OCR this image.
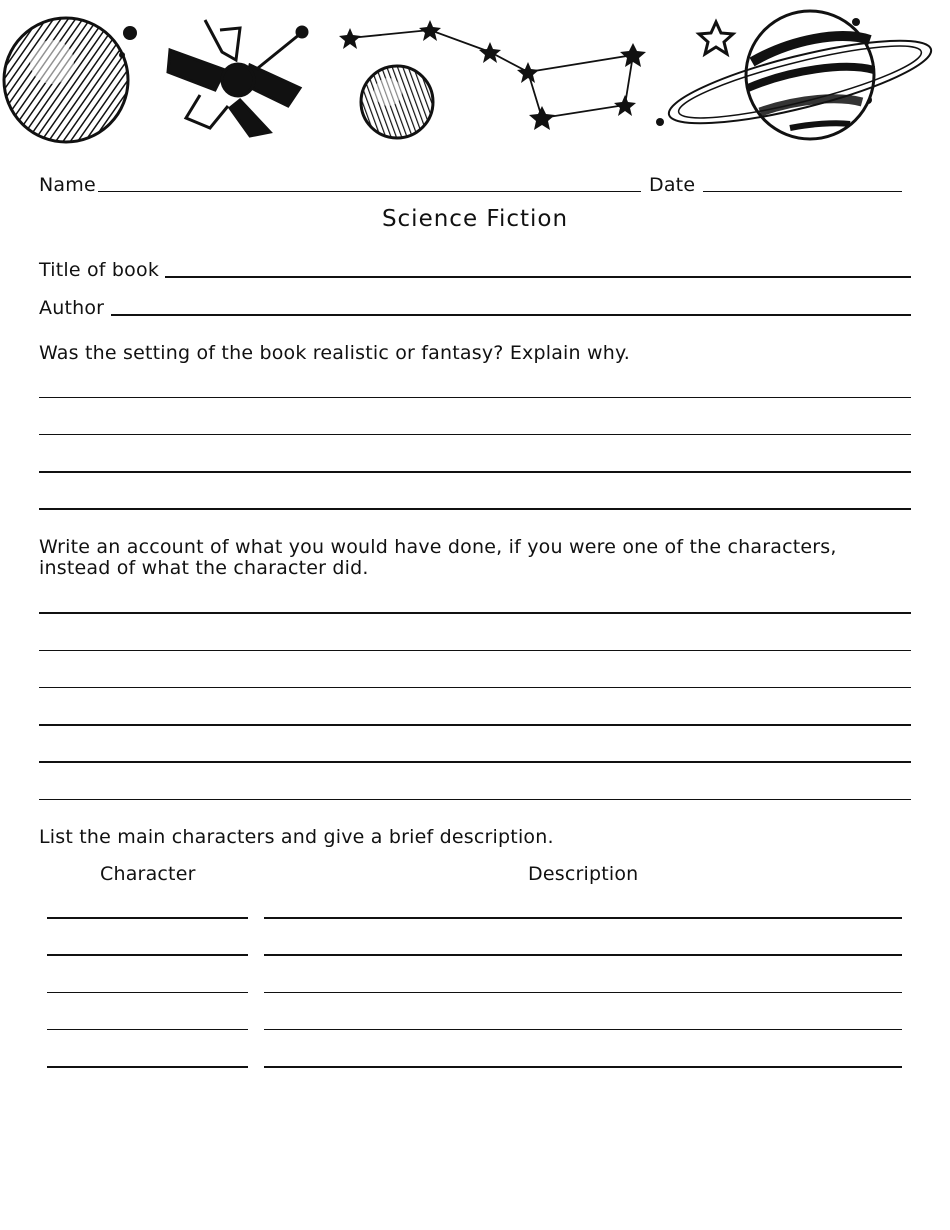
Name	Date
Science Fiction
Title of book
Author
Was the setting of the book realistic or fantasy? Explain why.
Write an account of what you would have done, if you were one of the characters, instead of what the character did.
List the main characters and give a brief description.
Character	Description
